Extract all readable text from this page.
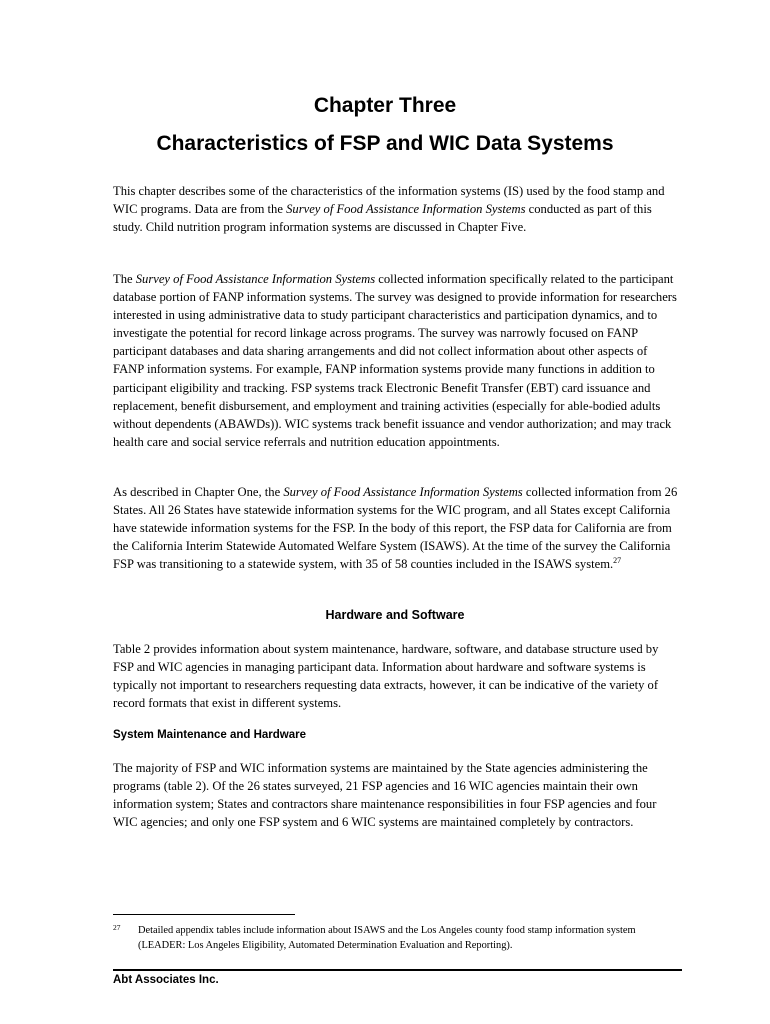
Chapter Three
Characteristics of FSP and WIC Data Systems

This chapter describes some of the characteristics of the information systems (IS) used by the food stamp and WIC programs. Data are from the Survey of Food Assistance Information Systems conducted as part of this study. Child nutrition program information systems are discussed in Chapter Five.

The Survey of Food Assistance Information Systems collected information specifically related to the participant database portion of FANP information systems. The survey was designed to provide information for researchers interested in using administrative data to study participant characteristics and participation dynamics, and to investigate the potential for record linkage across programs. The survey was narrowly focused on FANP participant databases and data sharing arrangements and did not collect information about other aspects of FANP information systems. For example, FANP information systems provide many functions in addition to participant eligibility and tracking. FSP systems track Electronic Benefit Transfer (EBT) card issuance and replacement, benefit disbursement, and employment and training activities (especially for able-bodied adults without dependents (ABAWDs)). WIC systems track benefit issuance and vendor authorization; and may track health care and social service referrals and nutrition education appointments.

As described in Chapter One, the Survey of Food Assistance Information Systems collected information from 26 States. All 26 States have statewide information systems for the WIC program, and all States except California have statewide information systems for the FSP. In the body of this report, the FSP data for California are from the California Interim Statewide Automated Welfare System (ISAWS). At the time of the survey the California FSP was transitioning to a statewide system, with 35 of 58 counties included in the ISAWS system.$^{27}$

Hardware and Software

Table 2 provides information about system maintenance, hardware, software, and database structure used by FSP and WIC agencies in managing participant data. Information about hardware and software systems is typically not important to researchers requesting data extracts, however, it can be indicative of the variety of record formats that exist in different systems.

System Maintenance and Hardware

The majority of FSP and WIC information systems are maintained by the State agencies administering the programs (table 2). Of the 26 states surveyed, 21 FSP agencies and 16 WIC agencies maintain their own information system; States and contractors share maintenance responsibilities in four FSP agencies and four WIC agencies; and only one FSP system and 6 WIC systems are maintained completely by contractors.

27	Detailed appendix tables include information about ISAWS and the Los Angeles county food stamp information system (LEADER: Los Angeles Eligibility, Automated Determination Evaluation and Reporting).
Abt Associates Inc.
